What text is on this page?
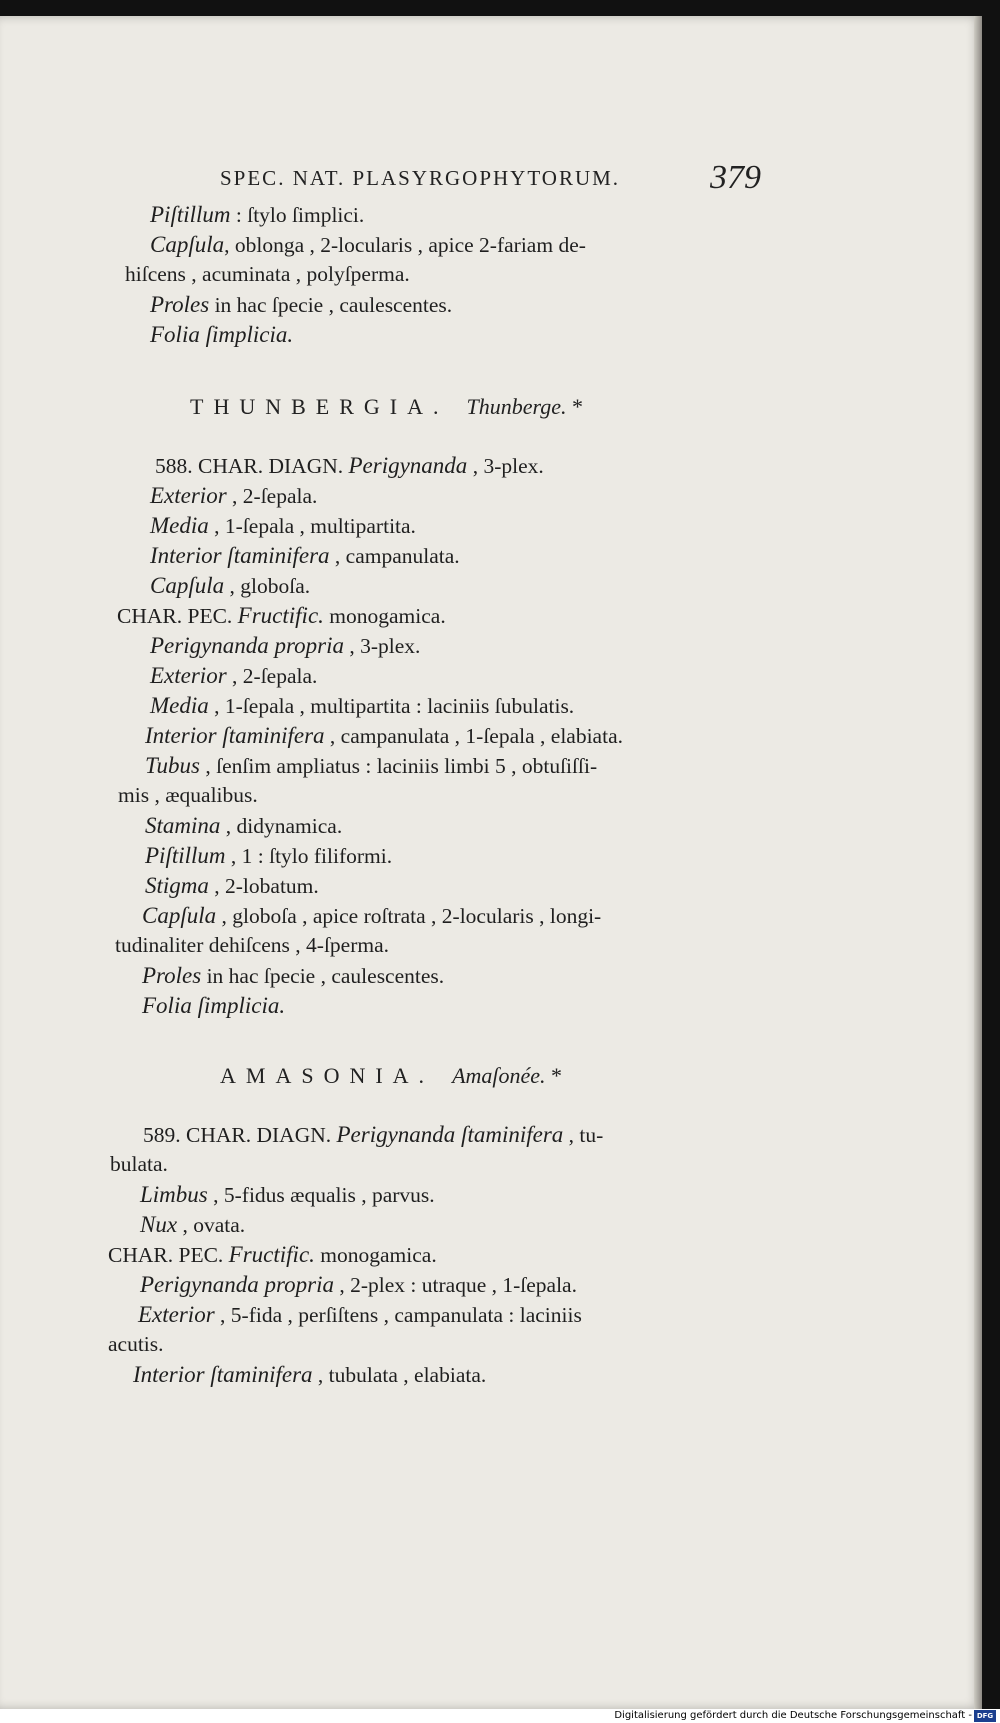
SPEC. NAT. PLASYRGOPHYTORUM.	379
Piſtillum : ſtylo ſimplici.
Capſula, oblonga , 2-locularis , apice 2-fariam de-
hiſcens , acuminata , polyſperma.
Proles in hac ſpecie , caulescentes.
Folia ſimplicia.
THUNBERGIA. Thunberge. *
588. CHAR. DIAGN. Perigynanda , 3-plex.
Exterior , 2-ſepala.
Media , 1-ſepala , multipartita.
Interior ſtaminifera , campanulata.
Capſula , globoſa.
CHAR. PEC. Fructific. monogamica.
Perigynanda propria , 3-plex.
Exterior , 2-ſepala.
Media , 1-ſepala , multipartita : laciniis ſubulatis.
Interior ſtaminifera , campanulata , 1-ſepala , elabiata.
Tubus , ſenſim ampliatus : laciniis limbi 5 , obtuſiſſi-
mis , æqualibus.
Stamina , didynamica.
Piſtillum , 1 : ſtylo filiformi.
Stigma , 2-lobatum.
Capſula , globoſa , apice roſtrata , 2-locularis , longi-
tudinaliter dehiſcens , 4-ſperma.
Proles in hac ſpecie , caulescentes.
Folia ſimplicia.
AMASONIA. Amaſonée. *
589. CHAR. DIAGN. Perigynanda ſtaminifera , tu-
bulata.
Limbus , 5-fidus æqualis , parvus.
Nux , ovata.
CHAR. PEC. Fructific. monogamica.
Perigynanda propria , 2-plex : utraque , 1-ſepala.
Exterior , 5-fida , perſiſtens , campanulata : laciniis
acutis.
Interior ſtaminifera , tubulata , elabiata.
Digitalisierung gefördert durch die Deutsche Forschungsgemeinschaft - DFG
